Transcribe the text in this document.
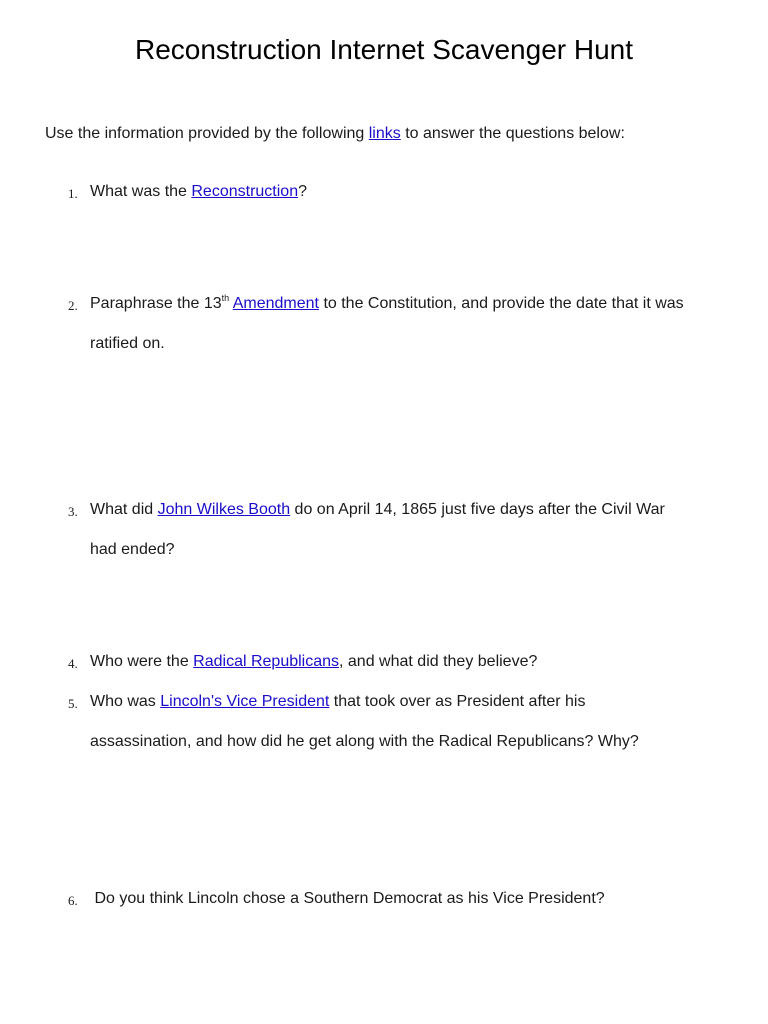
Reconstruction Internet Scavenger Hunt

Use the information provided by the following links to answer the questions below:

1. What was the Reconstruction?

2. Paraphrase the 13th Amendment to the Constitution, and provide the date that it was

ratified on.

3. What did John Wilkes Booth do on April 14, 1865 just five days after the Civil War

had ended?

4. Who were the Radical Republicans, and what did they believe?

5. Who was Lincoln's Vice President that took over as President after his

assassination, and how did he get along with the Radical Republicans? Why?

6. Do you think Lincoln chose a Southern Democrat as his Vice President?
